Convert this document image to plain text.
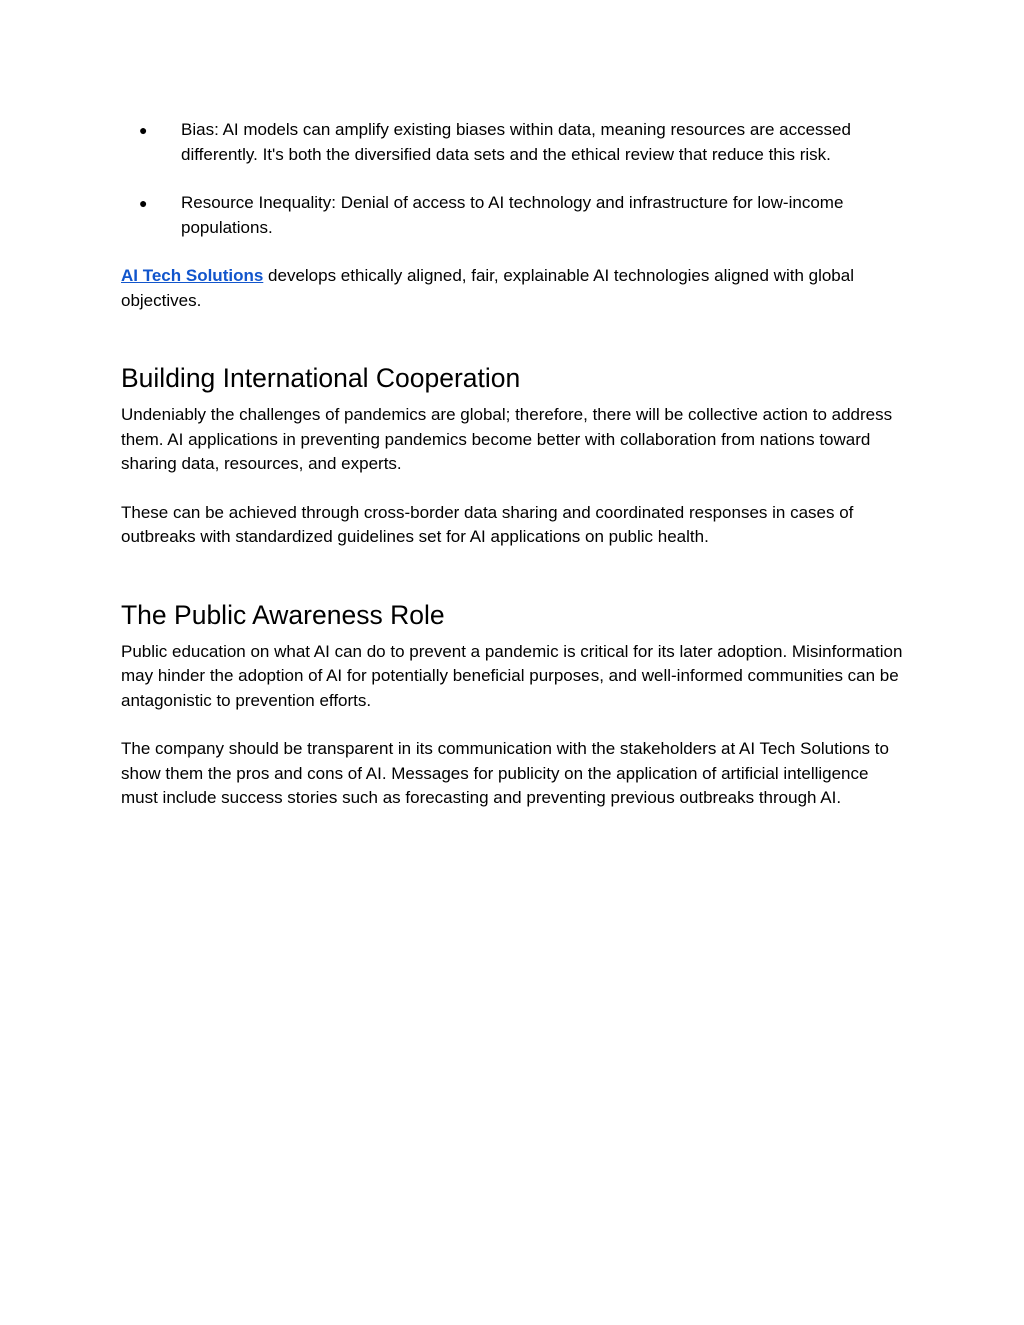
● Bias: AI models can amplify existing biases within data, meaning resources are accessed differently. It's both the diversified data sets and the ethical review that reduce this risk.
● Resource Inequality: Denial of access to AI technology and infrastructure for low-income populations.

AI Tech Solutions develops ethically aligned, fair, explainable AI technologies aligned with global objectives.

Building International Cooperation

Undeniably the challenges of pandemics are global; therefore, there will be collective action to address them. AI applications in preventing pandemics become better with collaboration from nations toward sharing data, resources, and experts.

These can be achieved through cross-border data sharing and coordinated responses in cases of outbreaks with standardized guidelines set for AI applications on public health.

The Public Awareness Role

Public education on what AI can do to prevent a pandemic is critical for its later adoption. Misinformation may hinder the adoption of AI for potentially beneficial purposes, and well-informed communities can be antagonistic to prevention efforts.

The company should be transparent in its communication with the stakeholders at AI Tech Solutions to show them the pros and cons of AI. Messages for publicity on the application of artificial intelligence must include success stories such as forecasting and preventing previous outbreaks through AI.
